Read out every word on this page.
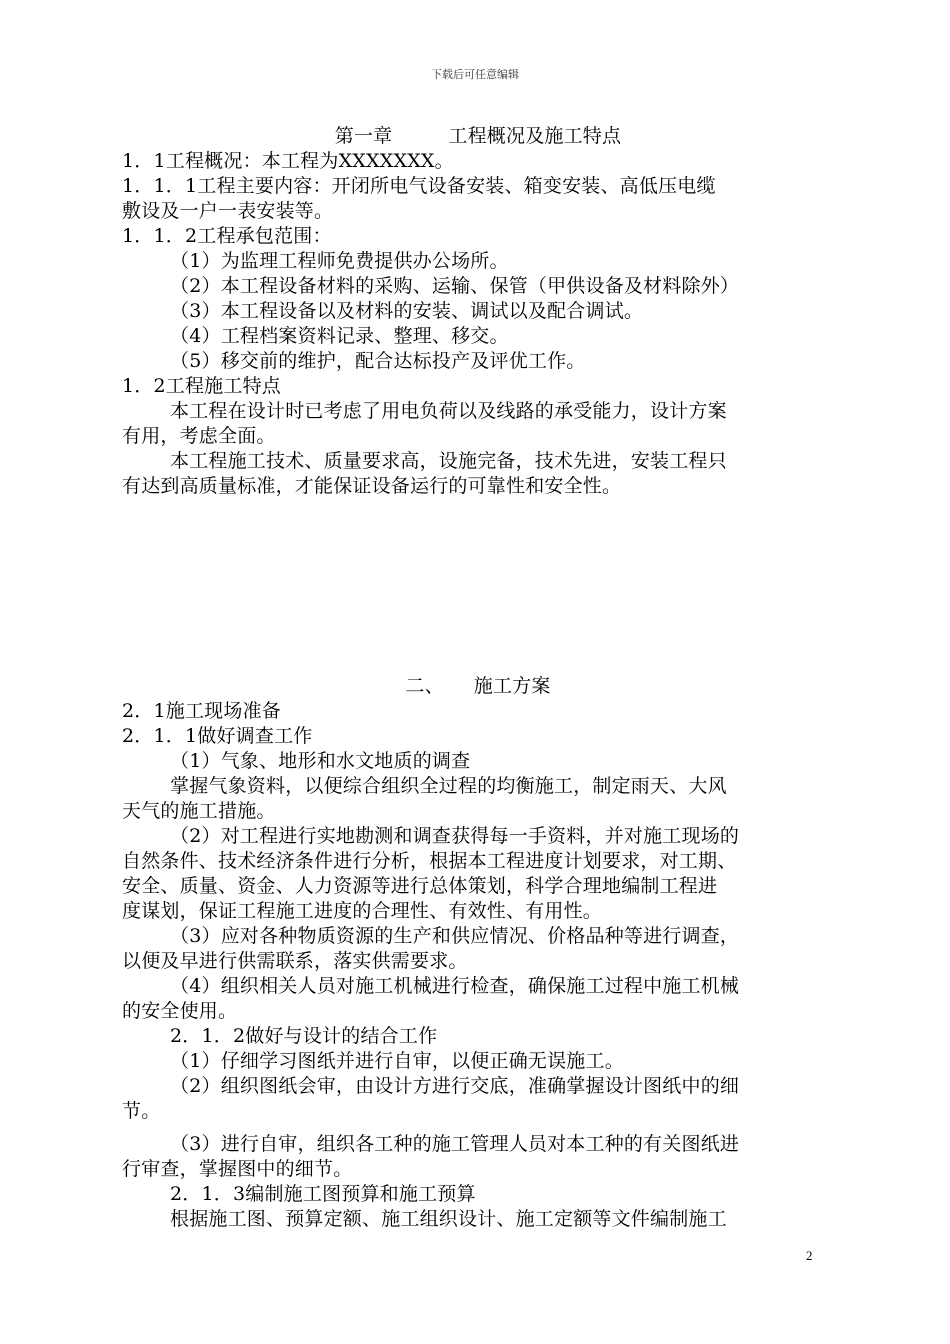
下载后可任意编辑
第一章	工程概况及施工特点
1．1工程概况：本工程为XXXXXXX。
1．1．1工程主要内容：开闭所电气设备安装、箱变安装、高低压电缆
敷设及一户一表安装等。
1．1．2工程承包范围：
（1）为监理工程师免费提供办公场所。
（2）本工程设备材料的采购、运输、保管（甲供设备及材料除外）
（3）本工程设备以及材料的安装、调试以及配合调试。
（4）工程档案资料记录、整理、移交。
（5）移交前的维护，配合达标投产及评优工作。
1．2工程施工特点
本工程在设计时已考虑了用电负荷以及线路的承受能力，设计方案
有用，考虑全面。
本工程施工技术、质量要求高，设施完备，技术先进，安装工程只
有达到高质量标准，才能保证设备运行的可靠性和安全性。
二、 施工方案
2．1施工现场准备
2．1．1做好调查工作
（1）气象、地形和水文地质的调查
掌握气象资料，以便综合组织全过程的均衡施工，制定雨天、大风
天气的施工措施。
（2）对工程进行实地勘测和调查获得每一手资料，并对施工现场的
自然条件、技术经济条件进行分析，根据本工程进度计划要求，对工期、
安全、质量、资金、人力资源等进行总体策划，科学合理地编制工程进
度谋划，保证工程施工进度的合理性、有效性、有用性。
（3）应对各种物质资源的生产和供应情况、价格品种等进行调查，
以便及早进行供需联系，落实供需要求。
（4）组织相关人员对施工机械进行检查，确保施工过程中施工机械
的安全使用。
2．1．2做好与设计的结合工作
（1）仔细学习图纸并进行自审，以便正确无误施工。
（2）组织图纸会审，由设计方进行交底，准确掌握设计图纸中的细
节。
（3）进行自审，组织各工种的施工管理人员对本工种的有关图纸进
行审查，掌握图中的细节。
2．1．3编制施工图预算和施工预算
根据施工图、预算定额、施工组织设计、施工定额等文件编制施工
2
